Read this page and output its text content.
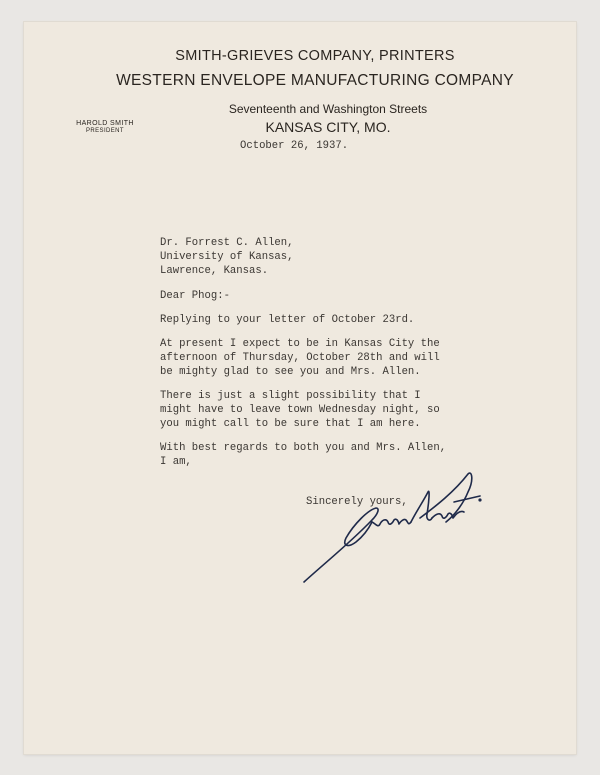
SMITH-GRIEVES COMPANY, PRINTERS
WESTERN ENVELOPE MANUFACTURING COMPANY
Seventeenth and Washington Streets
KANSAS CITY, MO.
HAROLD SMITH
PRESIDENT
October 26, 1937.
Dr. Forrest C. Allen,
University of Kansas,
Lawrence, Kansas.
Dear Phog:-
Replying to your letter of October 23rd.
At present I expect to be in Kansas City the
afternoon of Thursday, October 28th and will
be mighty glad to see you and Mrs. Allen.
There is just a slight possibility that I
might have to leave town Wednesday night, so
you might call to be sure that I am here.
With best regards to both you and Mrs. Allen,
I am,
Sincerely yours,
